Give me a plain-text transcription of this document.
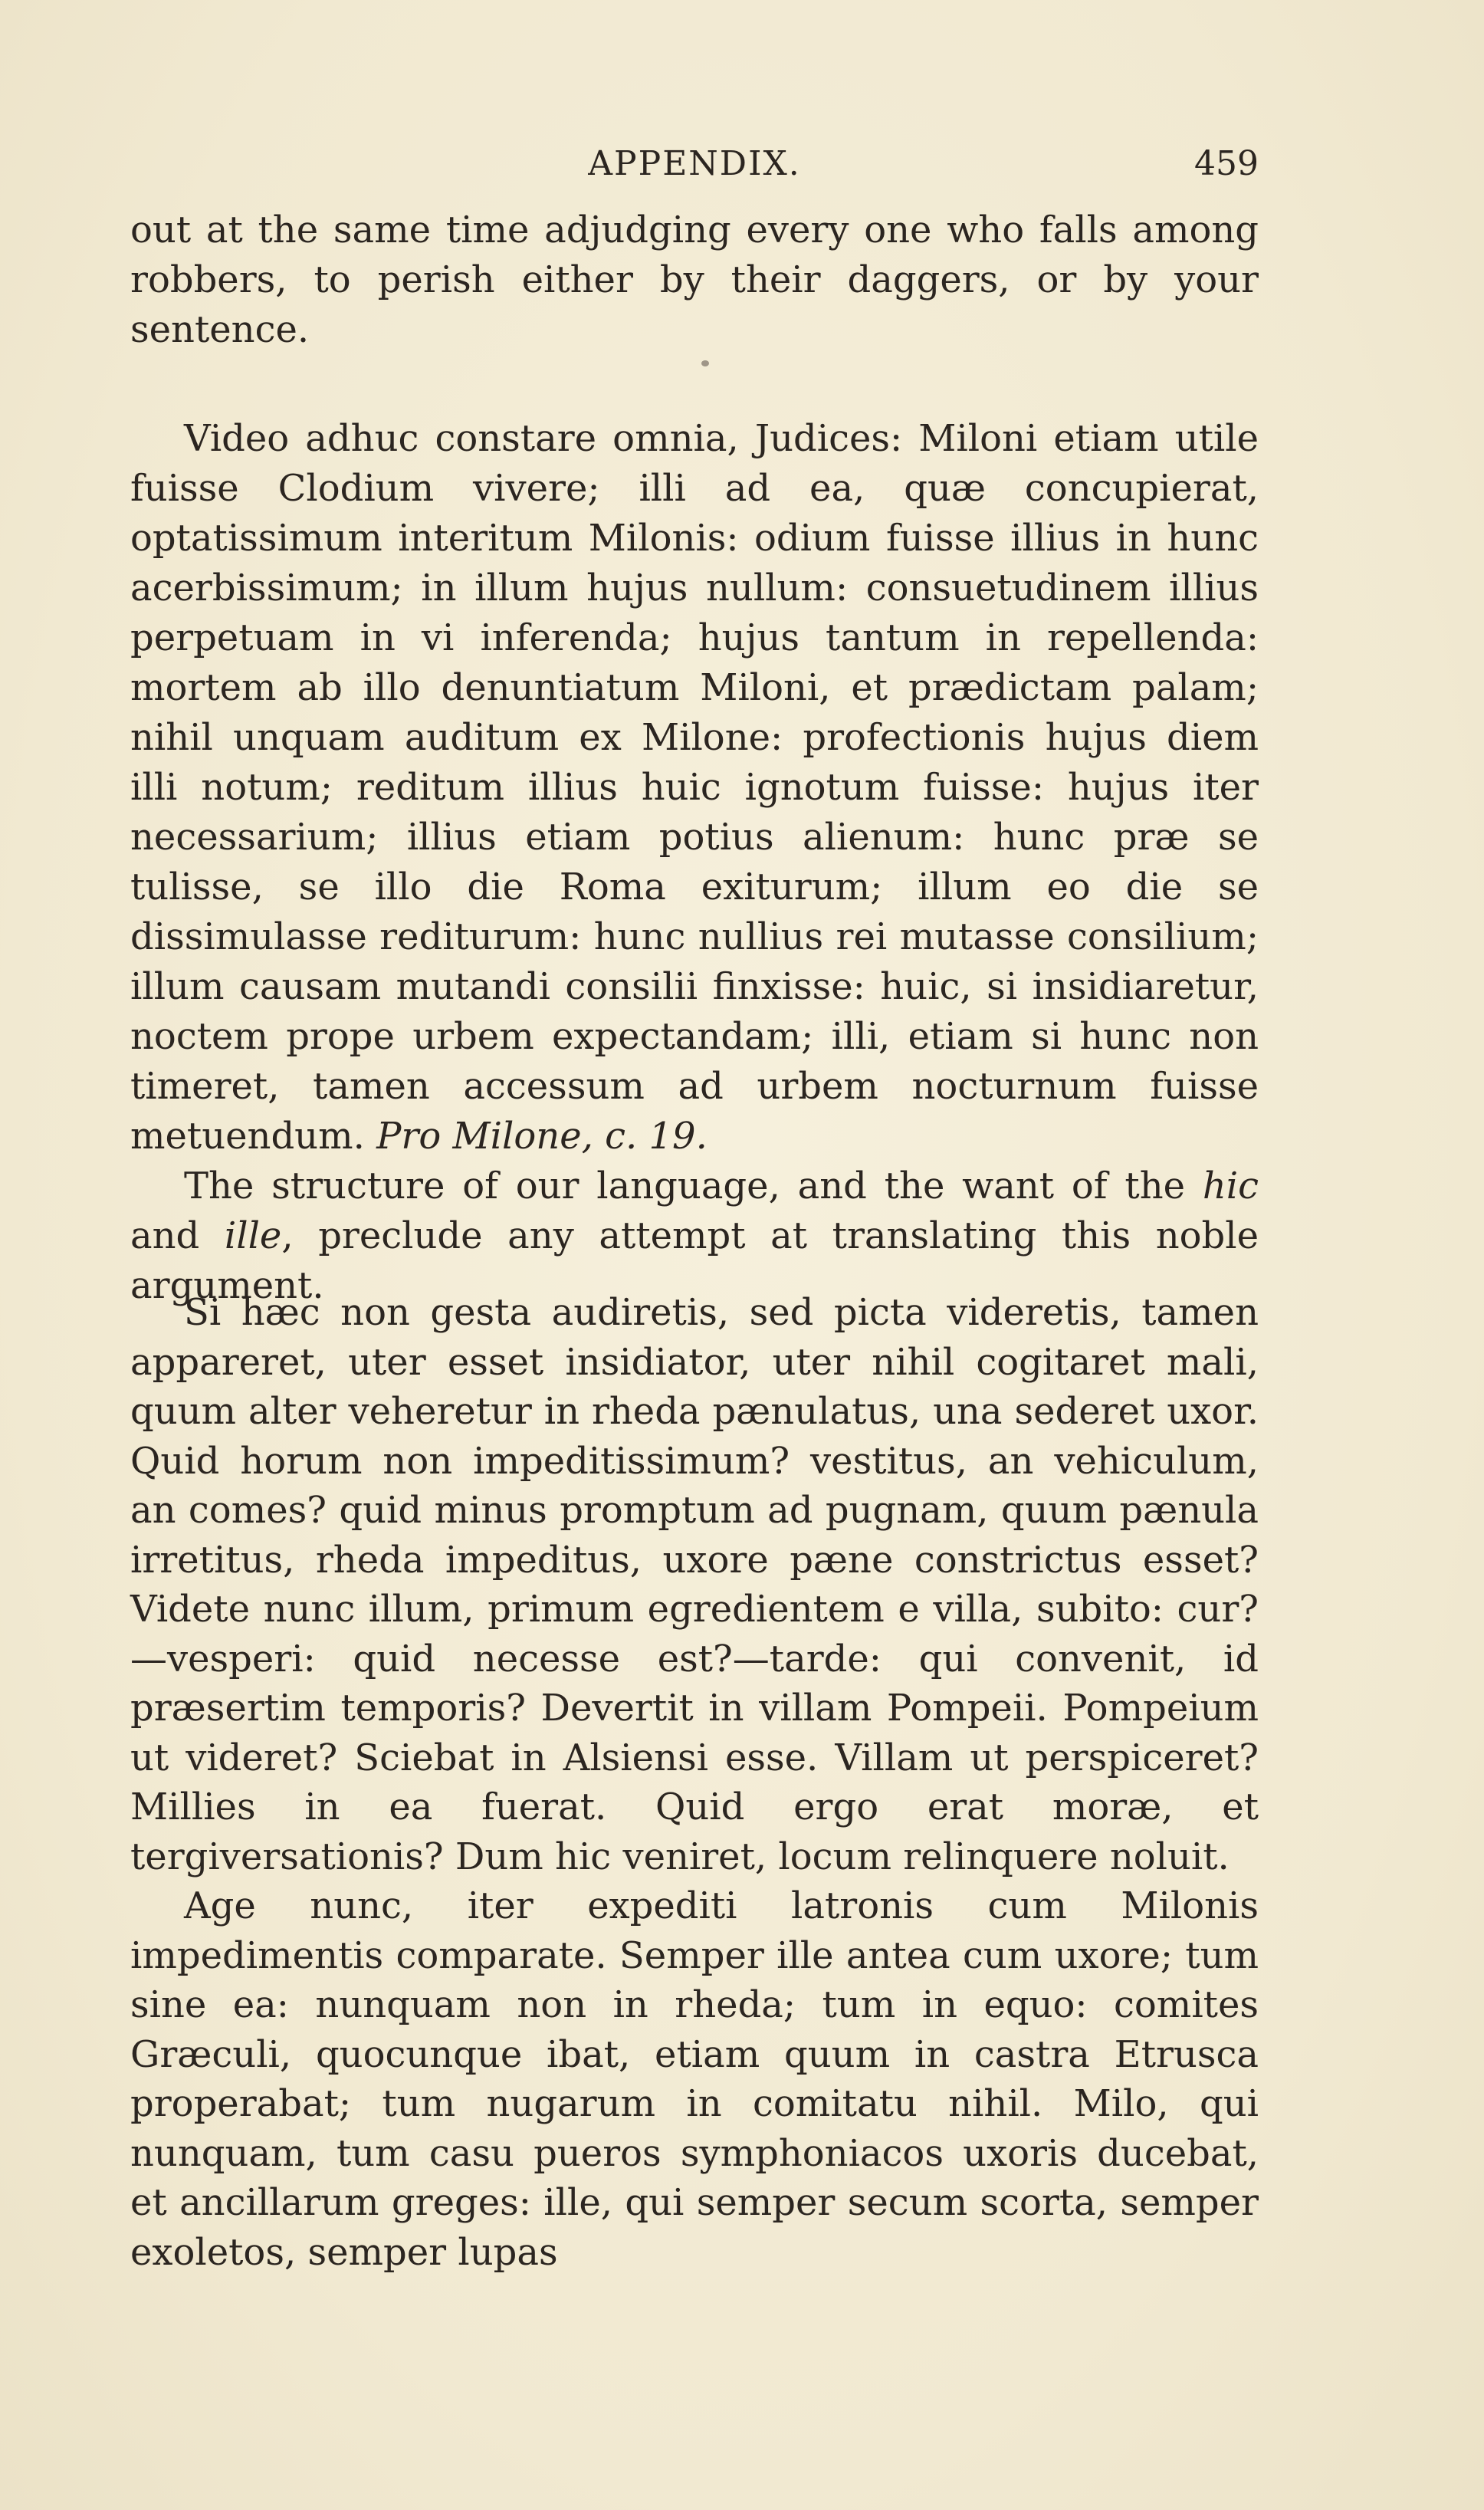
APPENDIX.	459

out at the same time adjudging every one who falls among robbers, to perish either by their daggers, or by your sentence.

Video adhuc constare omnia, Judices: Miloni etiam utile fuisse Clodium vivere; illi ad ea, quæ concupierat, optatissimum interitum Milonis: odium fuisse illius in hunc acerbissimum; in illum hujus nullum: consuetudinem illius perpetuam in vi inferenda; hujus tantum in repellenda: mortem ab illo denuntiatum Miloni, et prædictam palam; nihil unquam auditum ex Milone: profectionis hujus diem illi notum; reditum illius huic ignotum fuisse: hujus iter necessarium; illius etiam potius alienum: hunc præ se tulisse, se illo die Roma exiturum; illum eo die se dissimulasse rediturum: hunc nullius rei mutasse consilium; illum causam mutandi consilii finxisse: huic, si insidiaretur, noctem prope urbem expectandam; illi, etiam si hunc non timeret, tamen accessum ad urbem nocturnum fuisse metuendum. Pro Milone, c. 19.

The structure of our language, and the want of the hic and ille, preclude any attempt at translating this noble argument.

Si hæc non gesta audiretis, sed picta videretis, tamen appareret, uter esset insidiator, uter nihil cogitaret mali, quum alter veheretur in rheda pænulatus, una sederet uxor. Quid horum non impeditissimum? vestitus, an vehiculum, an comes? quid minus promptum ad pugnam, quum pænula irretitus, rheda impeditus, uxore pæne constrictus esset? Videte nunc illum, primum egredientem e villa, subito: cur?—vesperi: quid necesse est?—tarde: qui convenit, id præsertim temporis? Devertit in villam Pompeii. Pompeium ut videret? Sciebat in Alsiensi esse. Villam ut perspiceret? Millies in ea fuerat. Quid ergo erat moræ, et tergiversationis? Dum hic veniret, locum relinquere noluit.

Age nunc, iter expediti latronis cum Milonis impedimentis comparate. Semper ille antea cum uxore; tum sine ea: nunquam non in rheda; tum in equo: comites Græculi, quocunque ibat, etiam quum in castra Etrusca properabat; tum nugarum in comitatu nihil. Milo, qui nunquam, tum casu pueros symphoniacos uxoris ducebat, et ancillarum greges: ille, qui semper secum scorta, semper exoletos, semper lupas
